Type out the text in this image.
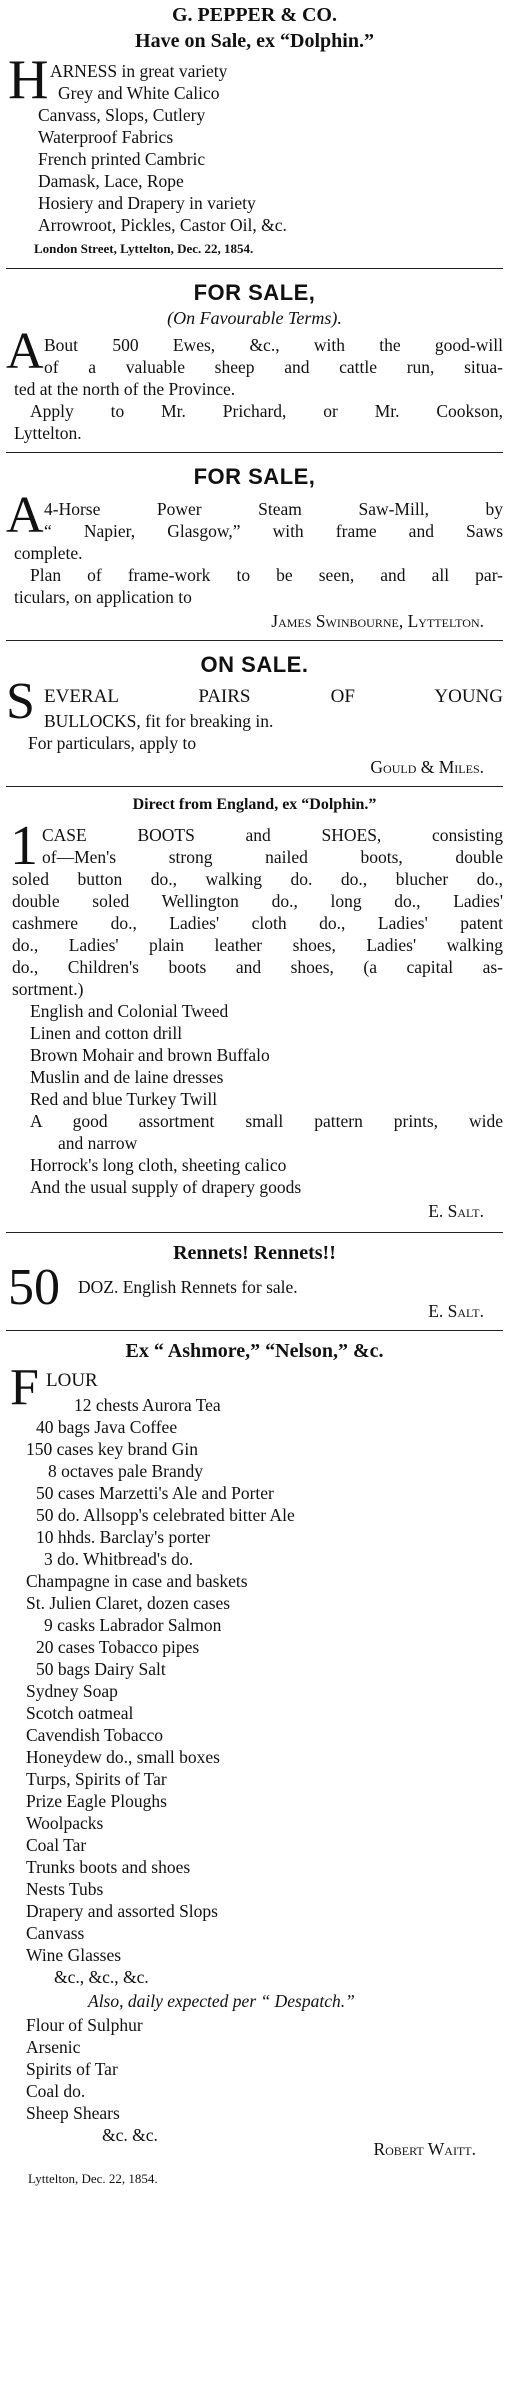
G. PEPPER & CO.
Have on Sale, ex “Dolphin.”
H ARNESS in great variety
Grey and White Calico
Canvass, Slops, Cutlery
Waterproof Fabrics
French printed Cambric
Damask, Lace, Rope
Hosiery and Drapery in variety
Arrowroot, Pickles, Castor Oil, &c.
London Street, Lyttelton, Dec. 22, 1854.
FOR SALE,
(On Favourable Terms).
A Bout 500 Ewes, &c., with the good-will
of a valuable sheep and cattle run, situa-
ted at the north of the Province.
Apply to Mr. Prichard, or Mr. Cookson,
Lyttelton.
FOR SALE,
A 4-Horse Power Steam Saw-Mill, by
“ Napier, Glasgow,” with frame and Saws
complete.
Plan of frame-work to be seen, and all par-
ticulars, on application to
James Swinbourne, Lyttelton.
ON SALE.
S EVERAL PAIRS OF YOUNG
BULLOCKS, fit for breaking in.
For particulars, apply to
Gould & Miles.
Direct from England, ex “Dolphin.”
1 CASE BOOTS and SHOES, consisting
of—Men's strong nailed boots, double
soled button do., walking do. do., blucher do.,
double soled Wellington do., long do., Ladies'
cashmere do., Ladies' cloth do., Ladies' patent
do., Ladies' plain leather shoes, Ladies' walking
do., Children's boots and shoes, (a capital as-
sortment.)
English and Colonial Tweed
Linen and cotton drill
Brown Mohair and brown Buffalo
Muslin and de laine dresses
Red and blue Turkey Twill
A good assortment small pattern prints, wide
and narrow
Horrock's long cloth, sheeting calico
And the usual supply of drapery goods
E. Salt.
Rennets! Rennets!!
50 DOZ. English Rennets for sale.
E. Salt.
Ex “ Ashmore,” “Nelson,” &c.
F LOUR
12 chests Aurora Tea
40 bags Java Coffee
150 cases key brand Gin
8 octaves pale Brandy
50 cases Marzetti's Ale and Porter
50 do. Allsopp's celebrated bitter Ale
10 hhds. Barclay's porter
3 do. Whitbread's do.
Champagne in case and baskets
St. Julien Claret, dozen cases
9 casks Labrador Salmon
20 cases Tobacco pipes
50 bags Dairy Salt
Sydney Soap
Scotch oatmeal
Cavendish Tobacco
Honeydew do., small boxes
Turps, Spirits of Tar
Prize Eagle Ploughs
Woolpacks
Coal Tar
Trunks boots and shoes
Nests Tubs
Drapery and assorted Slops
Canvass
Wine Glasses
&c., &c., &c.
Also, daily expected per “ Despatch.”
Flour of Sulphur
Arsenic
Spirits of Tar
Coal do.
Sheep Shears
&c. &c.
Robert Waitt.
Lyttelton, Dec. 22, 1854.
